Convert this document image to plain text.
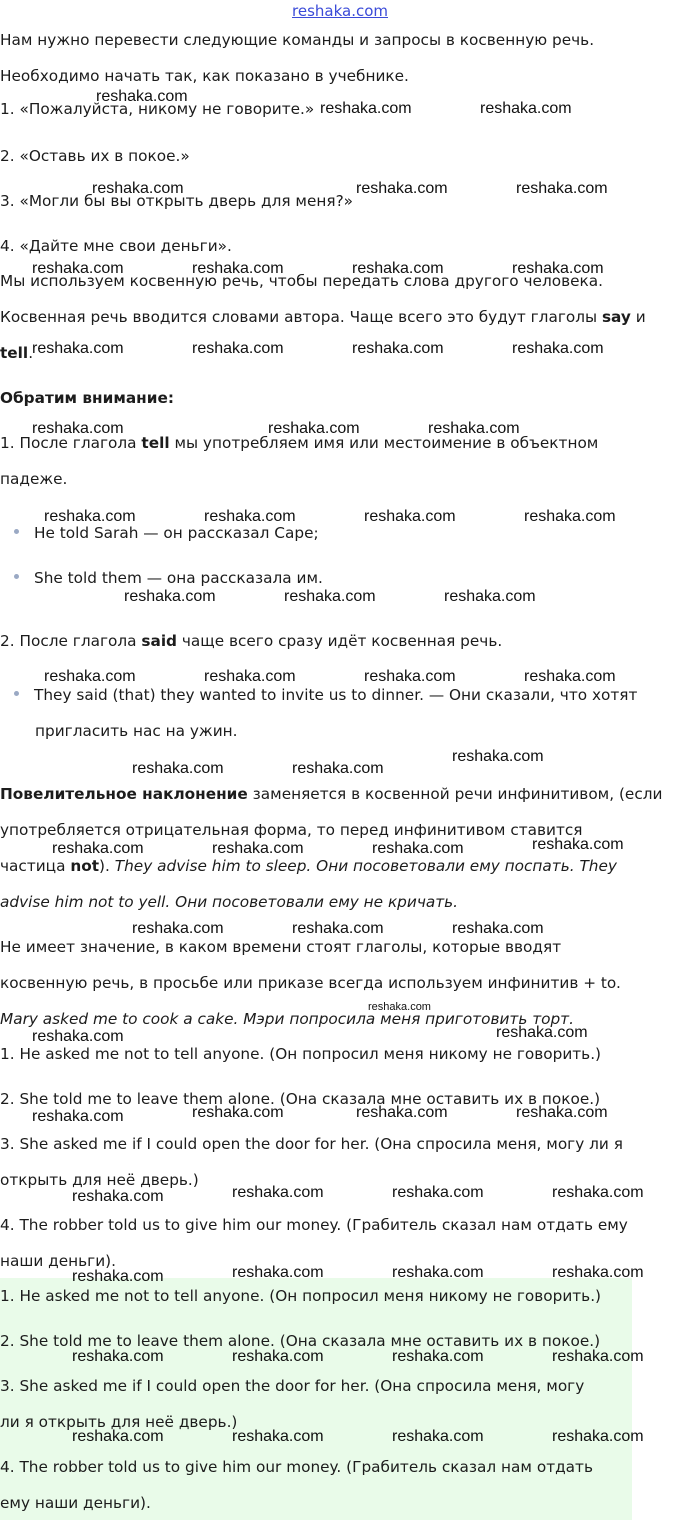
reshaka.com
Нам нужно перевести следующие команды и запросы в косвенную речь.
Необходимо начать так, как показано в учебнике.
1. «Пожалуйста, никому не говорите.»
2. «Оставь их в покое.»
3. «Могли бы вы открыть дверь для меня?»
4. «Дайте мне свои деньги».
Мы используем косвенную речь, чтобы передать слова другого человека.
Косвенная речь вводится словами автора. Чаще всего это будут глаголы say и
tell.
Обратим внимание:
1. После глагола tell мы употребляем имя или местоимение в объектном
падеже.
He told Sarah — он рассказал Саре;
She told them — она рассказала им.
2. После глагола said чаще всего сразу идёт косвенная речь.
They said (that) they wanted to invite us to dinner. — Они сказали, что хотят
пригласить нас на ужин.
Повелительное наклонение заменяется в косвенной речи инфинитивом, (если
употребляется отрицательная форма, то перед инфинитивом ставится
частица not). They advise him to sleep. Они посоветовали ему поспать. They
advise him not to yell. Они посоветовали ему не кричать.
Не имеет значение, в каком времени стоят глаголы, которые вводят
косвенную речь, в просьбе или приказе всегда используем инфинитив + to.
Mary asked me to cook a cake. Мэри попросила меня приготовить торт.
1. He asked me not to tell anyone. (Он попросил меня никому не говорить.)
2. She told me to leave them alone. (Она сказала мне оставить их в покое.)
3. She asked me if I could open the door for her. (Она спросила меня, могу ли я
открыть для неё дверь.)
4. The robber told us to give him our money. (Грабитель сказал нам отдать ему
наши деньги).
1. He asked me not to tell anyone. (Он попросил меня никому не говорить.)
2. She told me to leave them alone. (Она сказала мне оставить их в покое.)
3. She asked me if I could open the door for her. (Она спросила меня, могу
ли я открыть для неё дверь.)
4. The robber told us to give him our money. (Грабитель сказал нам отдать
ему наши деньги).
reshaka.com
reshaka.com	reshaka.com
reshaka.com	reshaka.com	reshaka.com
reshaka.com	reshaka.com	reshaka.com	reshaka.com
reshaka.com	reshaka.com	reshaka.com	reshaka.com
reshaka.com	reshaka.com	reshaka.com
reshaka.com	reshaka.com	reshaka.com	reshaka.com
reshaka.com	reshaka.com	reshaka.com
reshaka.com	reshaka.com	reshaka.com	reshaka.com
reshaka.com
reshaka.com	reshaka.com
reshaka.com	reshaka.com	reshaka.com	reshaka.com
reshaka.com	reshaka.com	reshaka.com
reshaka.com
reshaka.com	reshaka.com
reshaka.com	reshaka.com	reshaka.com	reshaka.com
reshaka.com	reshaka.com	reshaka.com	reshaka.com
reshaka.com	reshaka.com	reshaka.com	reshaka.com
reshaka.com	reshaka.com	reshaka.com	reshaka.com
reshaka.com	reshaka.com	reshaka.com	reshaka.com
